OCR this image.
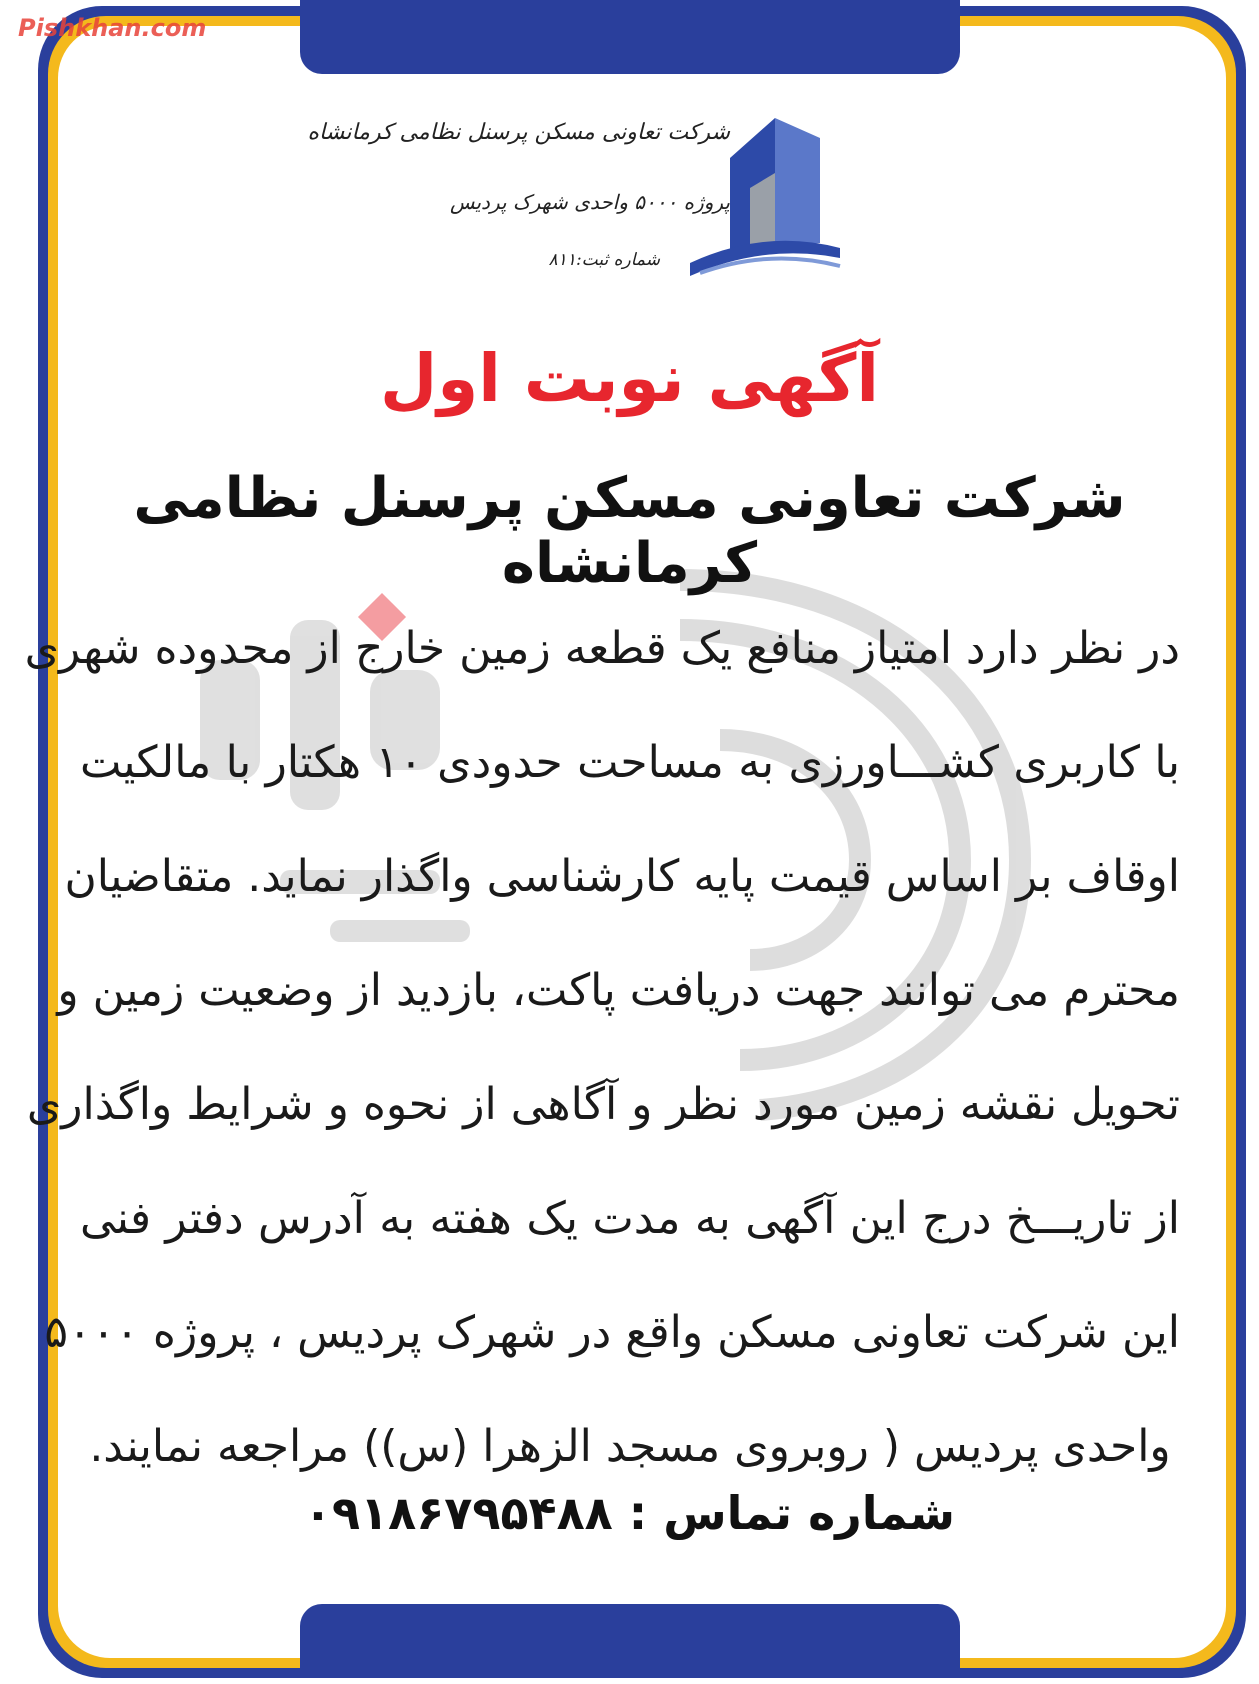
Pishkhan.com
شرکت تعاونی مسکن پرسنل نظامی کرمانشاه
پروژه ۵۰۰۰ واحدی شهرک پردیس
شماره ثبت:۸۱۱
آگهی نوبت اول
شرکت تعاونی مسکن پرسنل نظامی کرمانشاه
در نظر دارد امتیاز منافع یک قطعه زمین خارج از محدوده شهری
با کاربری کشـــاورزی به مساحت حدودی ۱۰ هکتار با مالکیت
اوقاف بر اساس قیمت پایه کارشناسی واگذار نماید. متقاضیان
محترم می توانند جهت دریافت پاکت، بازدید از وضعیت زمین و
تحویل نقشه زمین مورد نظر و آگاهی از نحوه و شرایط واگذاری
از تاریـــخ درج این آگهی به مدت یک هفته به آدرس دفتر فنی
این شرکت تعاونی مسکن واقع در شهرک پردیس ، پروژه ۵۰۰۰
واحدی پردیس ( روبروی مسجد الزهرا (س)) مراجعه نمایند.
شماره تماس : ۰۹۱۸۶۷۹۵۴۸۸
